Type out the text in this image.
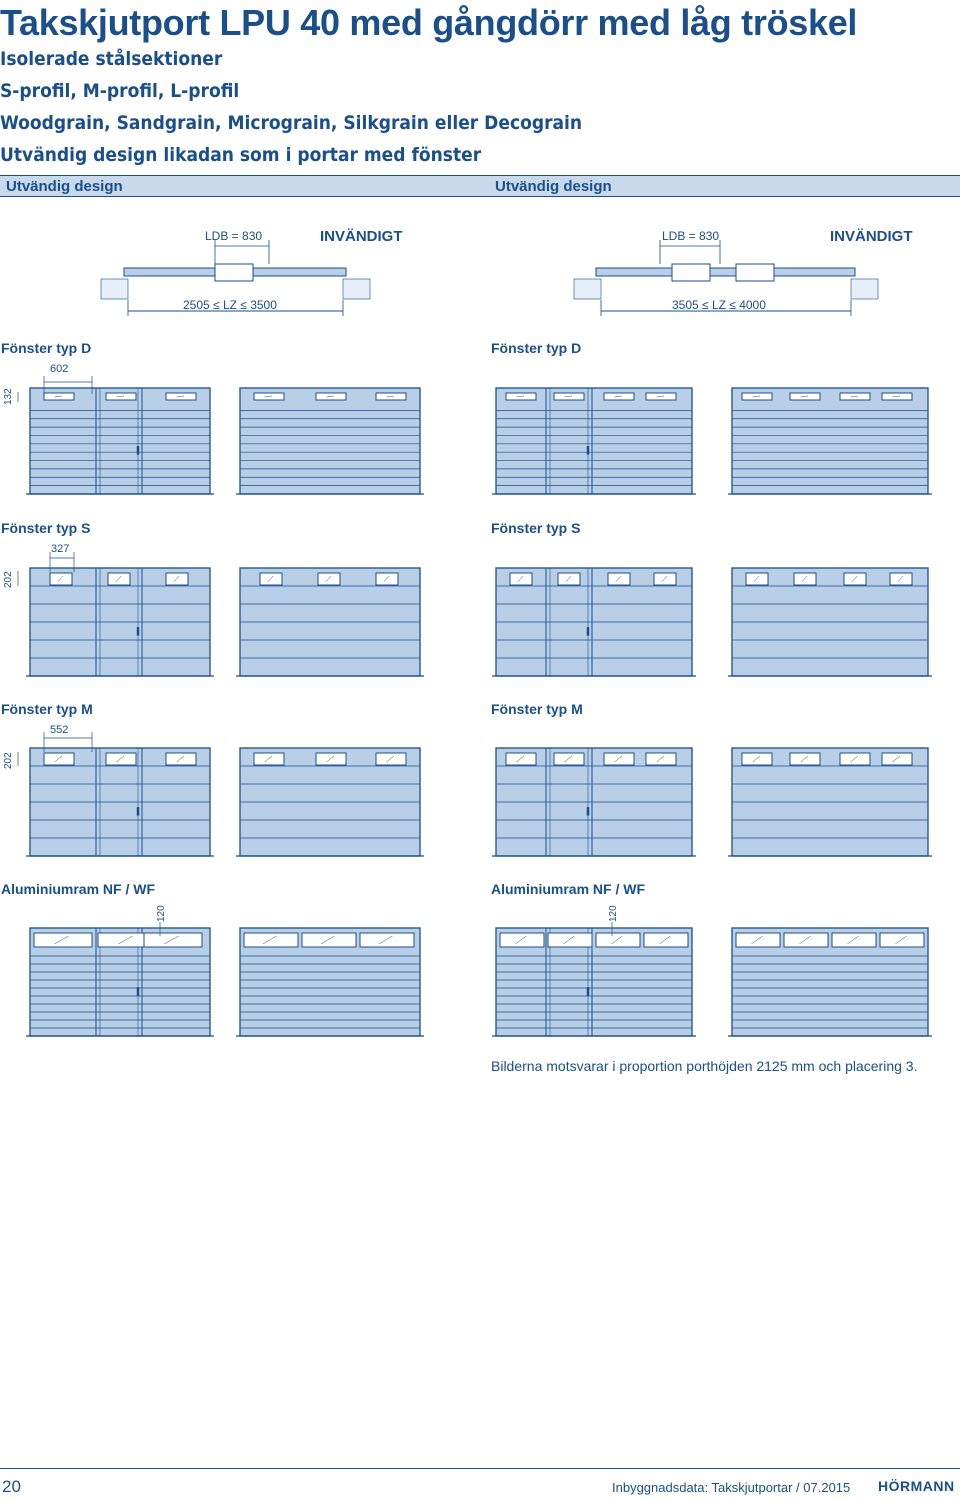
Takskjutport LPU 40 med gångdörr med låg tröskel
Isolerade stålsektioner
S-profil, M-profil, L-profil
Woodgrain, Sandgrain, Micrograin, Silkgrain eller Decograin
Utvändig design likadan som i portar med fönster
Utvändig design	Utvändig design
LDB = 830	INVÄNDIGT	LDB = 830	INVÄNDIGT
2505 ≤ LZ ≤ 3500	3505 ≤ LZ ≤ 4000
Fönster typ D	Fönster typ D
602
132
Fönster typ S	Fönster typ S
327
202
Fönster typ M	Fönster typ M
552
202
Aluminiumram NF / WF	Aluminiumram NF / WF
120	120
Bilderna motsvarar i proportion porthöjden 2125 mm och placering 3.
20	Inbyggnadsdata: Takskjutportar / 07.2015 HÖRMANN
